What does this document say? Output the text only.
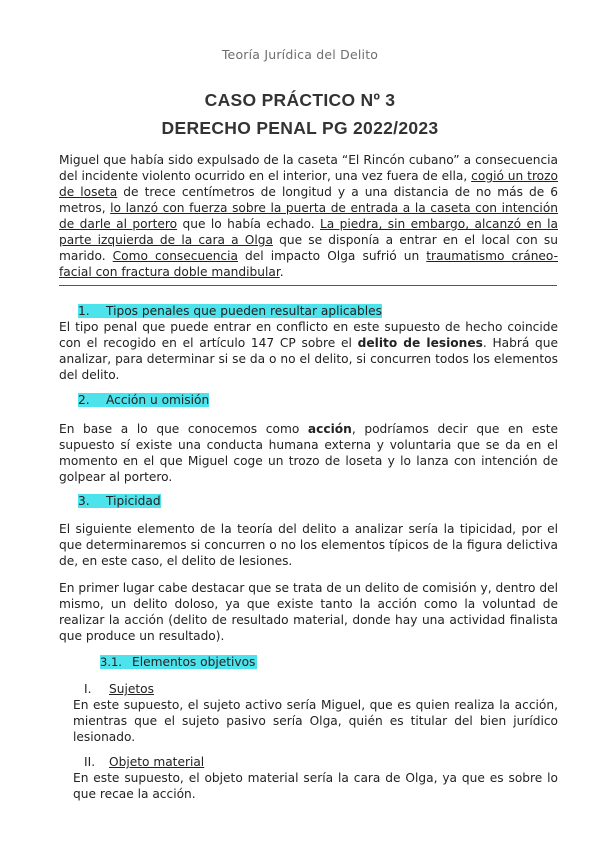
Teoría Jurídica del Delito
CASO PRÁCTICO Nº 3
DERECHO PENAL PG 2022/2023
Miguel que había sido expulsado de la caseta “El Rincón cubano” a consecuencia del incidente violento ocurrido en el interior, una vez fuera de ella, cogió un trozo de loseta de trece centímetros de longitud y a una distancia de no más de 6 metros, lo lanzó con fuerza sobre la puerta de entrada a la caseta con intención de darle al portero que lo había echado. La piedra, sin embargo, alcanzó en la parte izquierda de la cara a Olga que se disponía a entrar en el local con su marido. Como consecuencia del impacto Olga sufrió un traumatismo cráneo-facial con fractura doble mandibular.
1. Tipos penales que pueden resultar aplicables
El tipo penal que puede entrar en conflicto en este supuesto de hecho coincide con el recogido en el artículo 147 CP sobre el delito de lesiones. Habrá que analizar, para determinar si se da o no el delito, si concurren todos los elementos del delito.
2. Acción u omisión
En base a lo que conocemos como acción, podríamos decir que en este supuesto sí existe una conducta humana externa y voluntaria que se da en el momento en el que Miguel coge un trozo de loseta y lo lanza con intención de golpear al portero.
3. Tipicidad
El siguiente elemento de la teoría del delito a analizar sería la tipicidad, por el que determinaremos si concurren o no los elementos típicos de la figura delictiva de, en este caso, el delito de lesiones.
En primer lugar cabe destacar que se trata de un delito de comisión y, dentro del mismo, un delito doloso, ya que existe tanto la acción como la voluntad de realizar la acción (delito de resultado material, donde hay una actividad finalista que produce un resultado).
3.1. Elementos objetivos
I. Sujetos
En este supuesto, el sujeto activo sería Miguel, que es quien realiza la acción, mientras que el sujeto pasivo sería Olga, quién es titular del bien jurídico lesionado.
II. Objeto material
En este supuesto, el objeto material sería la cara de Olga, ya que es sobre lo que recae la acción.
